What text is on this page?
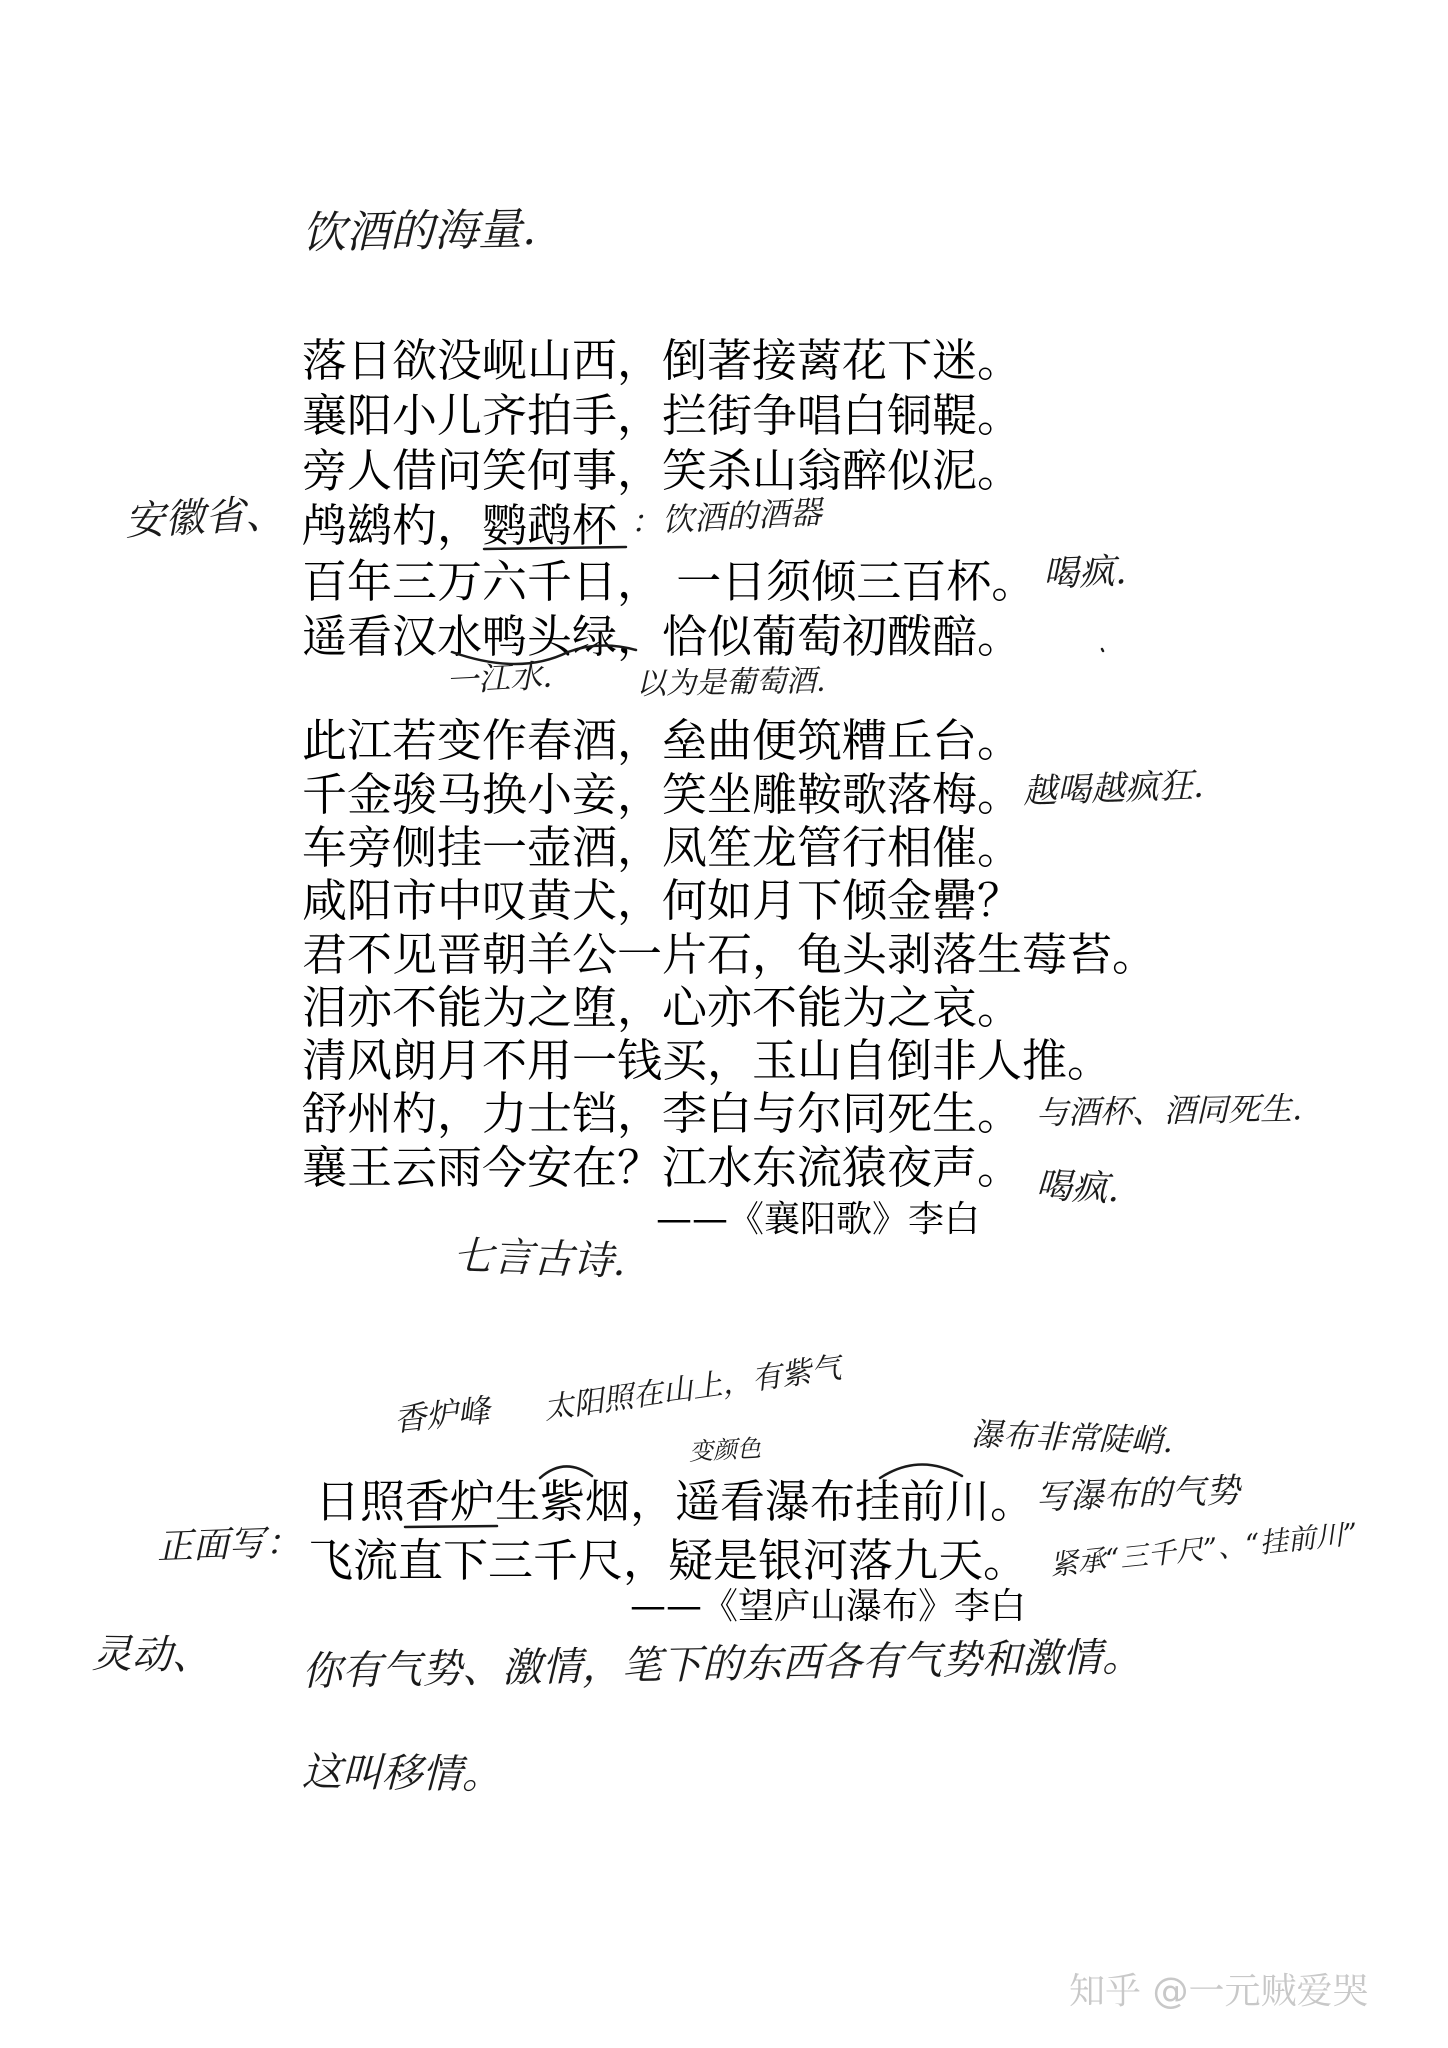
饮酒的海量.
落日欲没岘山西，倒著接蓠花下迷。
襄阳小儿齐拍手，拦街争唱白铜鞮。
旁人借问笑何事，笑杀山翁醉似泥。
鸬鹚杓，鹦鹉杯
百年三万六千日， 一日须倾三百杯。
遥看汉水鸭头绿，恰似葡萄初酦醅。
此江若变作春酒，垒曲便筑糟丘台。
千金骏马换小妾，笑坐雕鞍歌落梅。
车旁侧挂一壶酒，凤笙龙管行相催。
咸阳市中叹黄犬，何如月下倾金罍？
君不见晋朝羊公一片石，龟头剥落生莓苔。
泪亦不能为之堕，心亦不能为之哀。
清风朗月不用一钱买，玉山自倒非人推。
舒州杓，力士铛，李白与尔同死生。
襄王云雨今安在？江水东流猿夜声。
——《襄阳歌》李白
安徽省、	：饮酒的酒器
喝疯.
一江水.	以为是葡萄酒.
越喝越疯狂.
与酒杯、酒同死生.
喝疯.
七言古诗.
香炉峰 太阳照在山上，有紫气
变颜色	瀑布非常陡峭.
日照香炉生紫烟，遥看瀑布挂前川。
飞流直下三千尺，疑是银河落九天。
——《望庐山瀑布》李白
写瀑布的气势
正面写：	紧承“三千尺”、“挂前川”
灵动、 你有气势、激情，笔下的东西各有气势和激情。
这叫移情。
知乎 @一元贼爱哭
